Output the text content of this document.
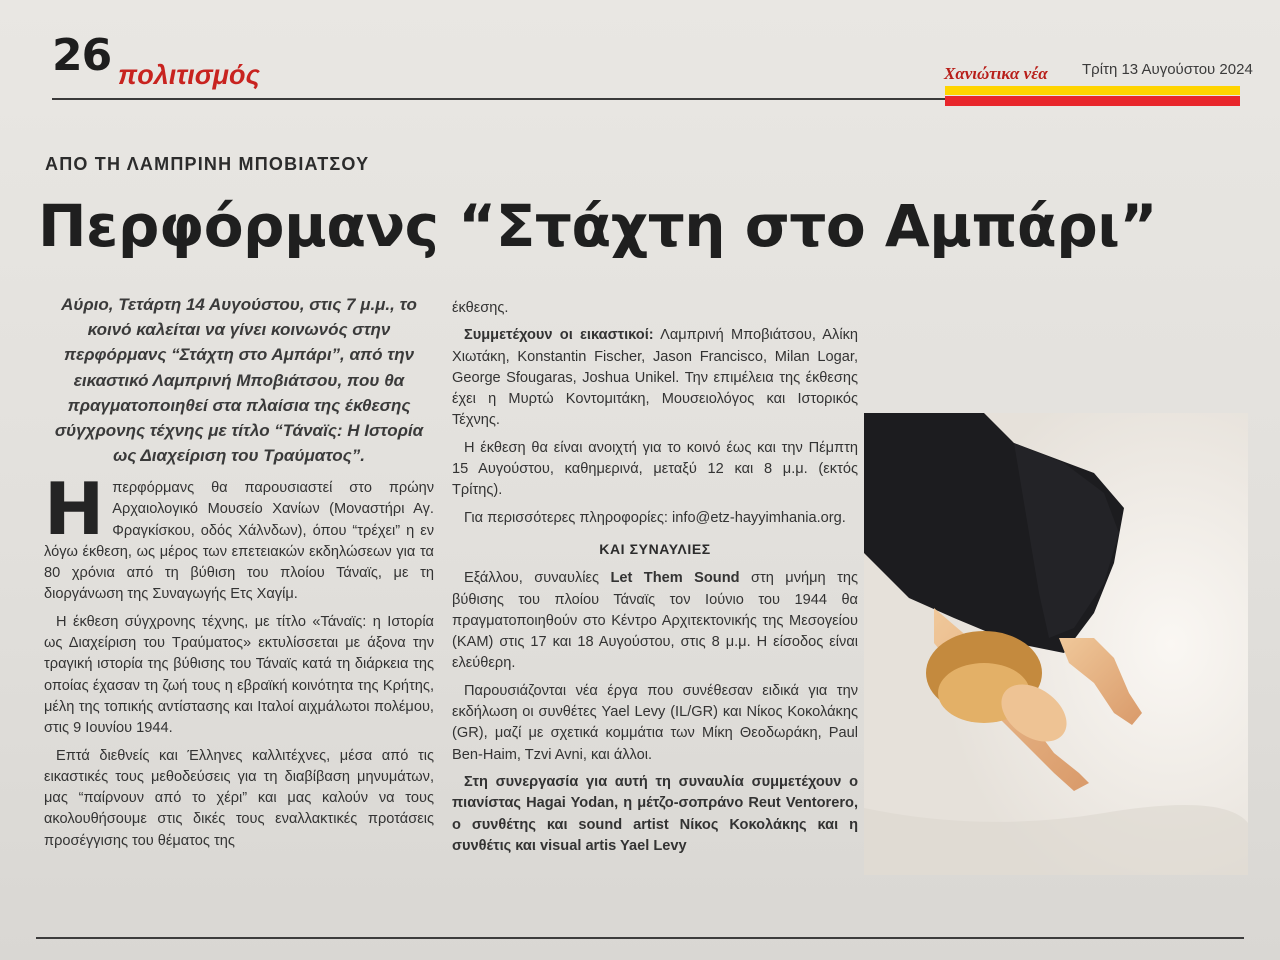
26 πολιτισμός	Χανιώτικα νέα Τρίτη 13 Αυγούστου 2024
ΑΠΟ ΤΗ ΛΑΜΠΡΙΝΗ ΜΠΟΒΙΑΤΣΟΥ
Περφόρμανς “Στάχτη στο Αμπάρι”
Αύριο, Τετάρτη 14 Αυγούστου, στις 7 μ.μ., το κοινό καλείται να γίνει κοινωνός στην περφόρμανς “Στάχτη στο Αμπάρι”, από την εικαστικό Λαμπρινή Μποβιάτσου, που θα πραγματοποιηθεί στα πλαίσια της έκθεσης σύγχρονης τέχνης με τίτλο “Τάναϊς: Η Ιστορία ως Διαχείριση του Τραύματος”.

Ηπερφόρμανς θα παρουσιαστεί στο πρώην Αρχαιολογικό Μουσείο Χανίων (Μοναστήρι Αγ. Φραγκίσκου, οδός Χάλνδων), όπου “τρέχει” η εν λόγω έκθεση, ως μέρος των επετειακών εκδηλώσεων για τα 80 χρόνια από τη βύθιση του πλοίου Τάναϊς, με τη διοργάνωση της Συναγωγής Ετς Χαγίμ.

Η έκθεση σύγχρονης τέχνης, με τίτλο «Τάναϊς: η Ιστορία ως Διαχείριση του Τραύματος» εκτυλίσσεται με άξονα την τραγική ιστορία της βύθισης του Τάναϊς κατά τη διάρκεια της οποίας έχασαν τη ζωή τους η εβραϊκή κοινότητα της Κρήτης, μέλη της τοπικής αντίστασης και Ιταλοί αιχμάλωτοι πολέμου, στις 9 Ιουνίου 1944.

Επτά διεθνείς και Έλληνες καλλιτέχνες, μέσα από τις εικαστικές τους μεθοδεύσεις για τη διαβίβαση μηνυμάτων, μας “παίρνουν από το χέρι” και μας καλούν να τους ακολουθήσουμε στις δικές τους εναλλακτικές προτάσεις προσέγγισης του θέματος της

έκθεσης.

Συμμετέχουν οι εικαστικοί: Λαμπρινή Μποβιάτσου, Αλίκη Χιωτάκη, Konstantin Fischer, Jason Francisco, Milan Logar, George Sfougaras, Joshua Unikel. Την επιμέλεια της έκθεσης έχει η Μυρτώ Κοντομιτάκη, Μουσειολόγος και Ιστορικός Τέχνης.

Η έκθεση θα είναι ανοιχτή για το κοινό έως και την Πέμπτη 15 Αυγούστου, καθημερινά, μεταξύ 12 και 8 μ.μ. (εκτός Τρίτης).

Για περισσότερες πληροφορίες: info@etz-hayyimhania.org.

ΚΑΙ ΣΥΝΑΥΛΙΕΣ

Εξάλλου, συναυλίες Let Them Sound στη μνήμη της βύθισης του πλοίου Τάναϊς τον Ιούνιο του 1944 θα πραγματοποιηθούν στο Κέντρο Αρχιτεκτονικής της Μεσογείου (ΚΑΜ) στις 17 και 18 Αυγούστου, στις 8 μ.μ. Η είσοδος είναι ελεύθερη.

Παρουσιάζονται νέα έργα που συνέθεσαν ειδικά για την εκδήλωση οι συνθέτες Yael Levy (IL/GR) και Νίκος Κοκολάκης (GR), μαζί με σχετικά κομμάτια των Μίκη Θεοδωράκη, Paul Ben-Haim, Tzvi Avni, και άλλοι.

Στη συνεργασία για αυτή τη συναυλία συμμετέχουν ο πιανίστας Hagai Yodan, η μέτζο-σοπράνο Reut Ventorero, ο συνθέτης και sound artist Νίκος Κοκολάκης και η συνθέτις και visual artis Yael Levy
